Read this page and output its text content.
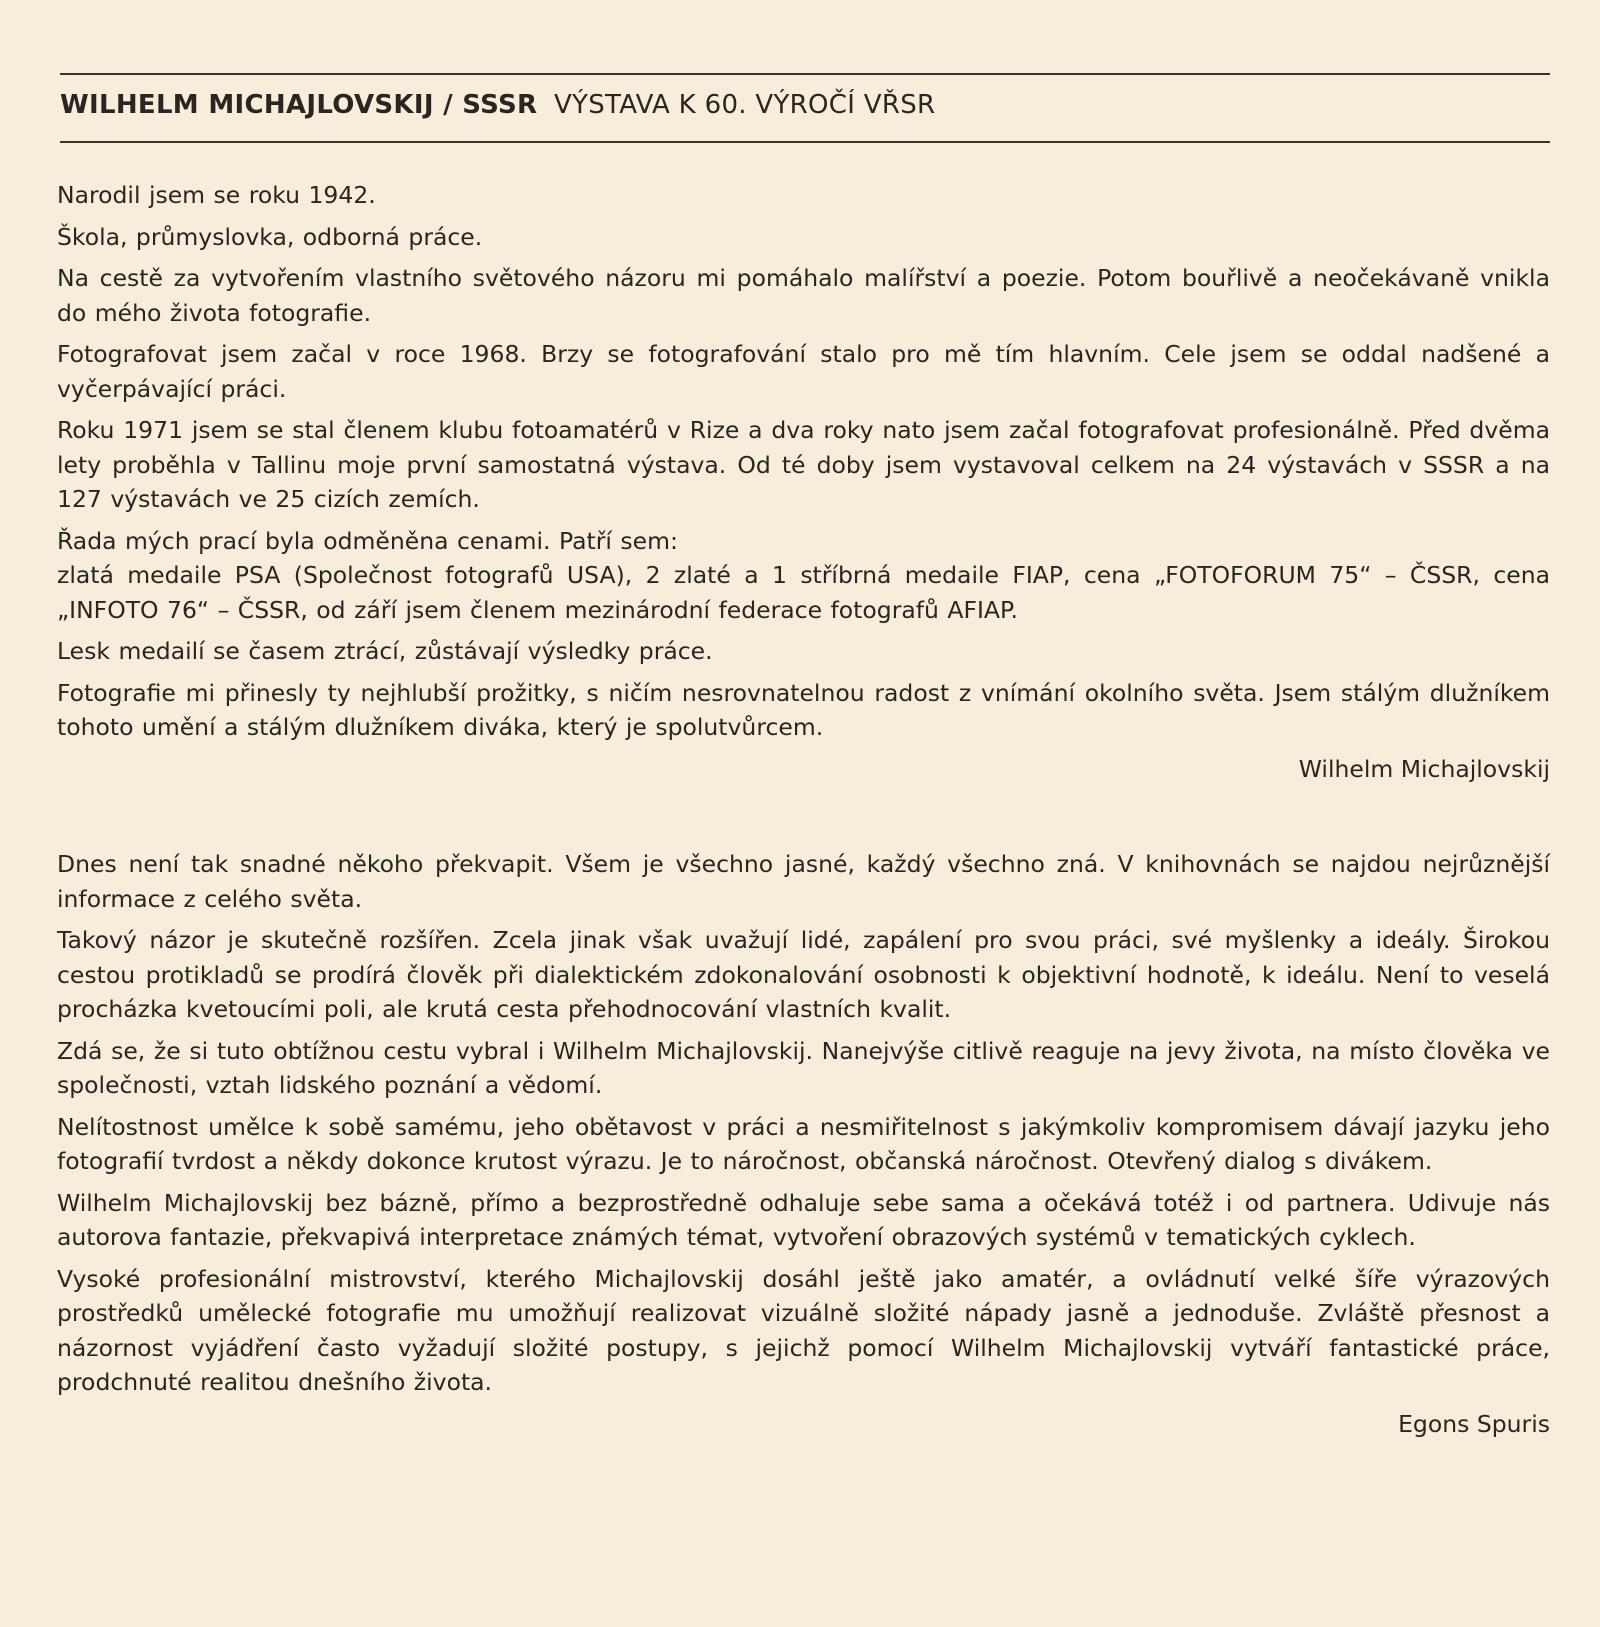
WILHELM MICHAJLOVSKIJ / SSSR VÝSTAVA K 60. VÝROČÍ VŘSR

Narodil jsem se roku 1942.

Škola, průmyslovka, odborná práce.

Na cestě za vytvořením vlastního světového názoru mi pomáhalo malířství a poezie. Potom bouřlivě a neočekávaně vnikla do mého života fotografie.

Fotografovat jsem začal v roce 1968. Brzy se fotografování stalo pro mě tím hlavním. Cele jsem se oddal nadšené a vyčerpávající práci.

Roku 1971 jsem se stal členem klubu fotoamatérů v Rize a dva roky nato jsem začal fotografovat profesionálně. Před dvěma lety proběhla v Tallinu moje první samostatná výstava. Od té doby jsem vystavoval celkem na 24 výstavách v SSSR a na 127 výstavách ve 25 cizích zemích.

Řada mých prací byla odměněna cenami. Patří sem:

zlatá medaile PSA (Společnost fotografů USA), 2 zlaté a 1 stříbrná medaile FIAP, cena „FOTOFORUM 75“ – ČSSR, cena „INFOTO 76“ – ČSSR, od září jsem členem mezinárodní federace fotografů AFIAP.

Lesk medailí se časem ztrácí, zůstávají výsledky práce.

Fotografie mi přinesly ty nejhlubší prožitky, s ničím nesrovnatelnou radost z vnímání okolního světa. Jsem stálým dlužníkem tohoto umění a stálým dlužníkem diváka, který je spolutvůrcem.

Wilhelm Michajlovskij

Dnes není tak snadné někoho překvapit. Všem je všechno jasné, každý všechno zná. V knihovnách se najdou nejrůznější informace z celého světa.

Takový názor je skutečně rozšířen. Zcela jinak však uvažují lidé, zapálení pro svou práci, své myšlenky a ideály. Širokou cestou protikladů se prodírá člověk při dialektickém zdokonalování osobnosti k objektivní hodnotě, k ideálu. Není to veselá procházka kvetoucími poli, ale krutá cesta přehodnocování vlastních kvalit.

Zdá se, že si tuto obtížnou cestu vybral i Wilhelm Michajlovskij. Nanejvýše citlivě reaguje na jevy života, na místo člověka ve společnosti, vztah lidského poznání a vědomí.

Nelítostnost umělce k sobě samému, jeho obětavost v práci a nesmiřitelnost s jakýmkoliv kompromisem dávají jazyku jeho fotografií tvrdost a někdy dokonce krutost výrazu. Je to náročnost, občanská náročnost. Otevřený dialog s divákem.

Wilhelm Michajlovskij bez bázně, přímo a bezprostředně odhaluje sebe sama a očekává totéž i od partnera. Udivuje nás autorova fantazie, překvapivá interpretace známých témat, vytvoření obrazových systémů v tematických cyklech.

Vysoké profesionální mistrovství, kterého Michajlovskij dosáhl ještě jako amatér, a ovládnutí velké šíře výrazových prostředků umělecké fotografie mu umožňují realizovat vizuálně složité nápady jasně a jednoduše. Zvláště přesnost a názornost vyjádření často vyžadují složité postupy, s jejichž pomocí Wilhelm Michajlovskij vytváří fantastické práce, prodchnuté realitou dnešního života.

Egons Spuris
